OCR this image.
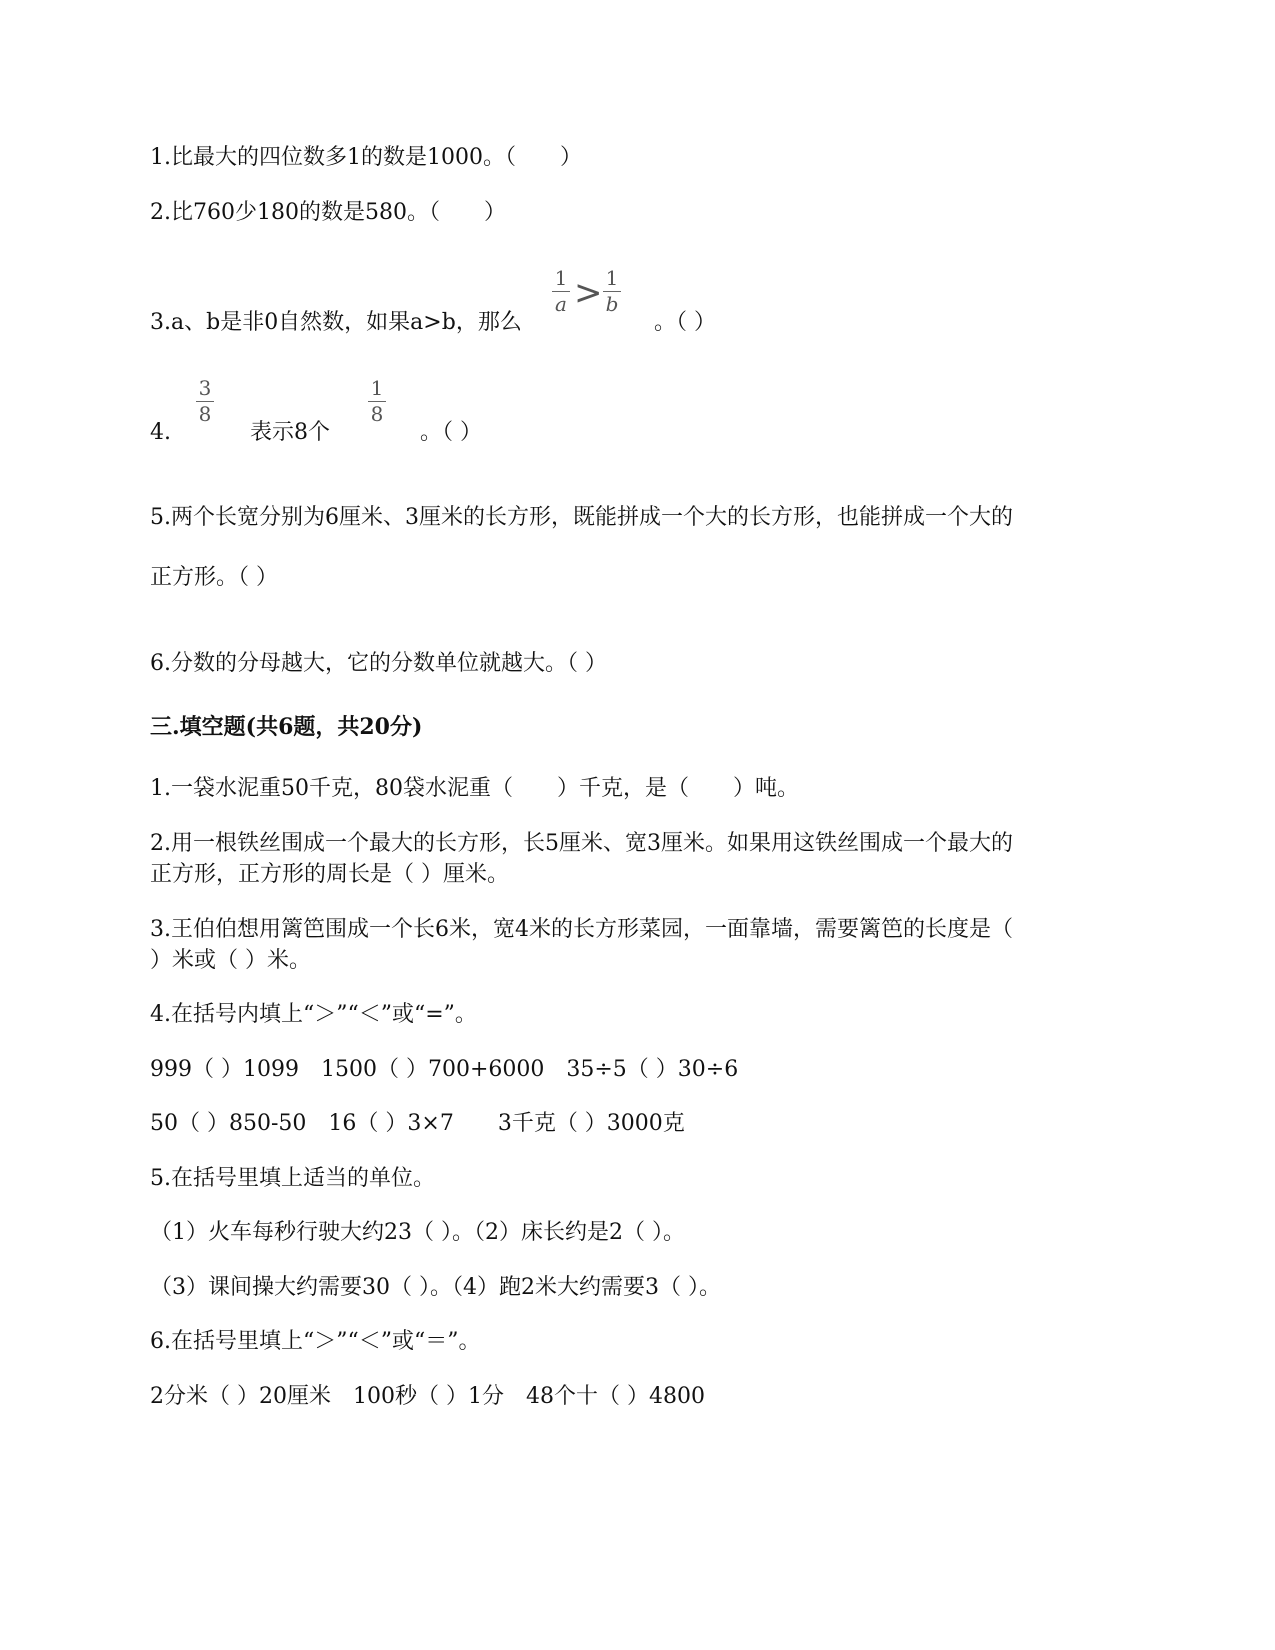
1.比最大的四位数多1的数是1000。（　　）
2.比760少180的数是580。（　　）
3.a、b是非0自然数，如果a>b，那么
1
a > 1
b
。（ ）
4.
3
8
表示8个
1
8
。（ ）
5.两个长宽分别为6厘米、3厘米的长方形，既能拼成一个大的长方形，也能拼成一个大的
正方形。（ ）
6.分数的分母越大，它的分数单位就越大。（ ）
三.填空题(共6题，共20分)
1.一袋水泥重50千克，80袋水泥重（　　）千克，是（　　）吨。
2.用一根铁丝围成一个最大的长方形，长5厘米、宽3厘米。如果用这铁丝围成一个最大的
正方形，正方形的周长是（ ）厘米。
3.王伯伯想用篱笆围成一个长6米，宽4米的长方形菜园，一面靠墙，需要篱笆的长度是（
）米或（ ）米。
4.在括号内填上“＞”“＜”或“=”。
999（ ）1099　1500（ ）700+6000　35÷5（ ）30÷6
50（ ）850-50　16（ ）3×7　　3千克（ ）3000克
5.在括号里填上适当的单位。
（1）火车每秒行驶大约23（ ）。（2）床长约是2（ ）。
（3）课间操大约需要30（ ）。（4）跑2米大约需要3（ ）。
6.在括号里填上“＞”“＜”或“＝”。
2分米（ ）20厘米　100秒（ ）1分　48个十（ ）4800
